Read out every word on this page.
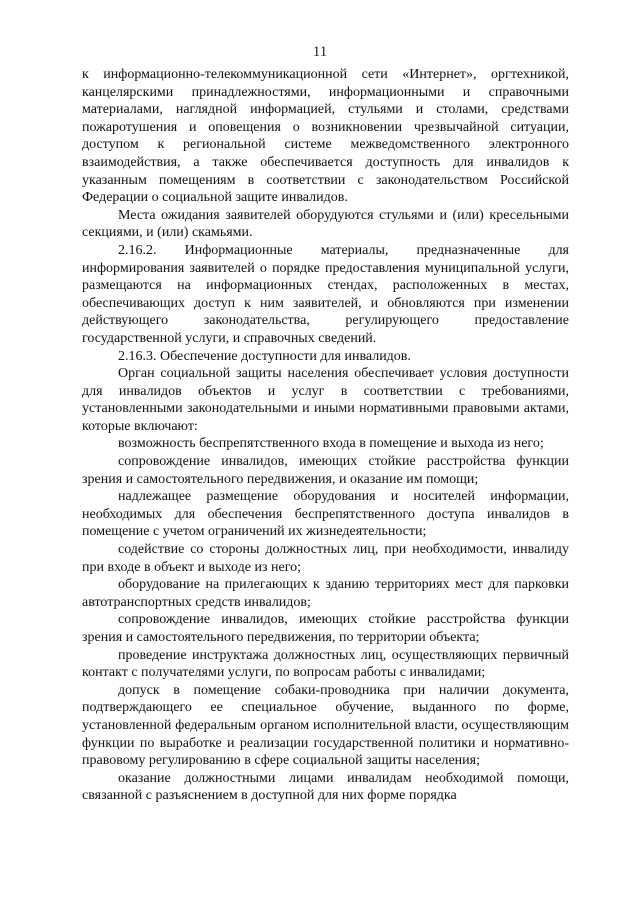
11

к информационно-телекоммуникационной сети «Интернет», оргтехникой, канцелярскими принадлежностями, информационными и справочными материалами, наглядной информацией, стульями и столами, средствами пожаротушения и оповещения о возникновении чрезвычайной ситуации, доступом к региональной системе межведомственного электронного взаимодействия, а также обеспечивается доступность для инвалидов к указанным помещениям в соответствии с законодательством Российской Федерации о социальной защите инвалидов.

Места ожидания заявителей оборудуются стульями и (или) кресельными секциями, и (или) скамьями.

2.16.2. Информационные материалы, предназначенные для информирования заявителей о порядке предоставления муниципальной услуги, размещаются на информационных стендах, расположенных в местах, обеспечивающих доступ к ним заявителей, и обновляются при изменении действующего законодательства, регулирующего предоставление государственной услуги, и справочных сведений.

2.16.3. Обеспечение доступности для инвалидов.

Орган социальной защиты населения обеспечивает условия доступности для инвалидов объектов и услуг в соответствии с требованиями, установленными законодательными и иными нормативными правовыми актами, которые включают:

возможность беспрепятственного входа в помещение и выхода из него;

сопровождение инвалидов, имеющих стойкие расстройства функции зрения и самостоятельного передвижения, и оказание им помощи;

надлежащее размещение оборудования и носителей информации, необходимых для обеспечения беспрепятственного доступа инвалидов в помещение с учетом ограничений их жизнедеятельности;

содействие со стороны должностных лиц, при необходимости, инвалиду при входе в объект и выходе из него;

оборудование на прилегающих к зданию территориях мест для парковки автотранспортных средств инвалидов;

сопровождение инвалидов, имеющих стойкие расстройства функции зрения и самостоятельного передвижения, по территории объекта;

проведение инструктажа должностных лиц, осуществляющих первичный контакт с получателями услуги, по вопросам работы с инвалидами;

допуск в помещение собаки-проводника при наличии документа, подтверждающего ее специальное обучение, выданного по форме, установленной федеральным органом исполнительной власти, осуществляющим функции по выработке и реализации государственной политики и нормативно-правовому регулированию в сфере социальной защиты населения;

оказание должностными лицами инвалидам необходимой помощи, связанной с разъяснением в доступной для них форме порядка
